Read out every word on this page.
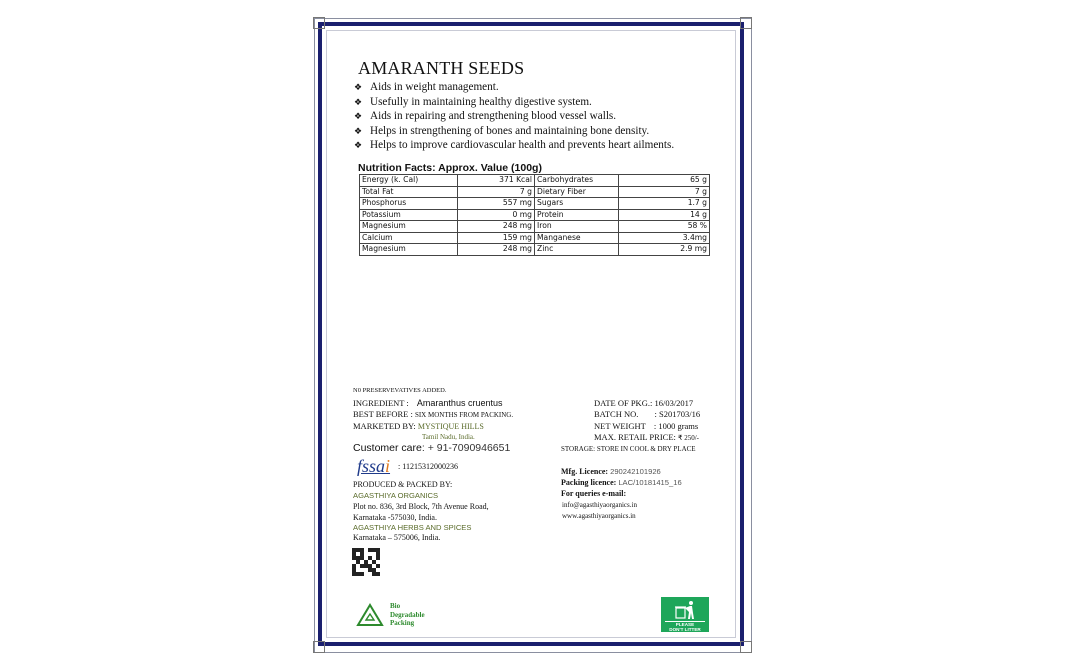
AMARANTH SEEDS
❖ Aids in weight management.
❖ Usefully in maintaining healthy digestive system.
❖ Aids in repairing and strengthening blood vessel walls.
❖ Helps in strengthening of bones and maintaining bone density.
❖ Helps to improve cardiovascular health and prevents heart ailments.
Nutrition Facts: Approx. Value (100g)
Energy (k. Cal)	371 Kcal	Carbohydrates	65 g
Total Fat	7 g	Dietary Fiber	7 g
Phosphorus	557 mg	Sugars	1.7 g
Potassium	0 mg	Protein	14 g
Magnesium	248 mg	Iron	58 %
Calcium	159 mg	Manganese	3.4mg
Magnesium	248 mg	Zinc	2.9 mg
N0 PRESERVEVATIVES ADDED.
INGREDIENT : Amaranthus cruentus
BEST BEFORE : SIX MONTHS FROM PACKING.
MARKETED BY: MYSTIQUE HILLS
Tamil Nadu, India.
Customer care: + 91-7090946651
fssai : 11215312000236
PRODUCED & PACKED BY:
AGASTHIYA ORGANICS
Plot no. 836, 3rd Block, 7th Avenue Road,
Karnataka -575030, India.
AGASTHIYA HERBS AND SPICES
Karnataka – 575006, India.
DATE OF PKG.: 16/03/2017
BATCH NO. : S201703/16
NET WEIGHT : 1000 grams
MAX. RETAIL PRICE: ₹ 250/-
STORAGE: STORE IN COOL & DRY PLACE
Mfg. Licence: 290242101926
Packing licence: LAC/10181415_16
For queries e-mail:
info@agasthiyaorganics.in
www.agasthiyaorganics.in
Bio
Degradable
Packing	PLEASE
DON'T LITTER
